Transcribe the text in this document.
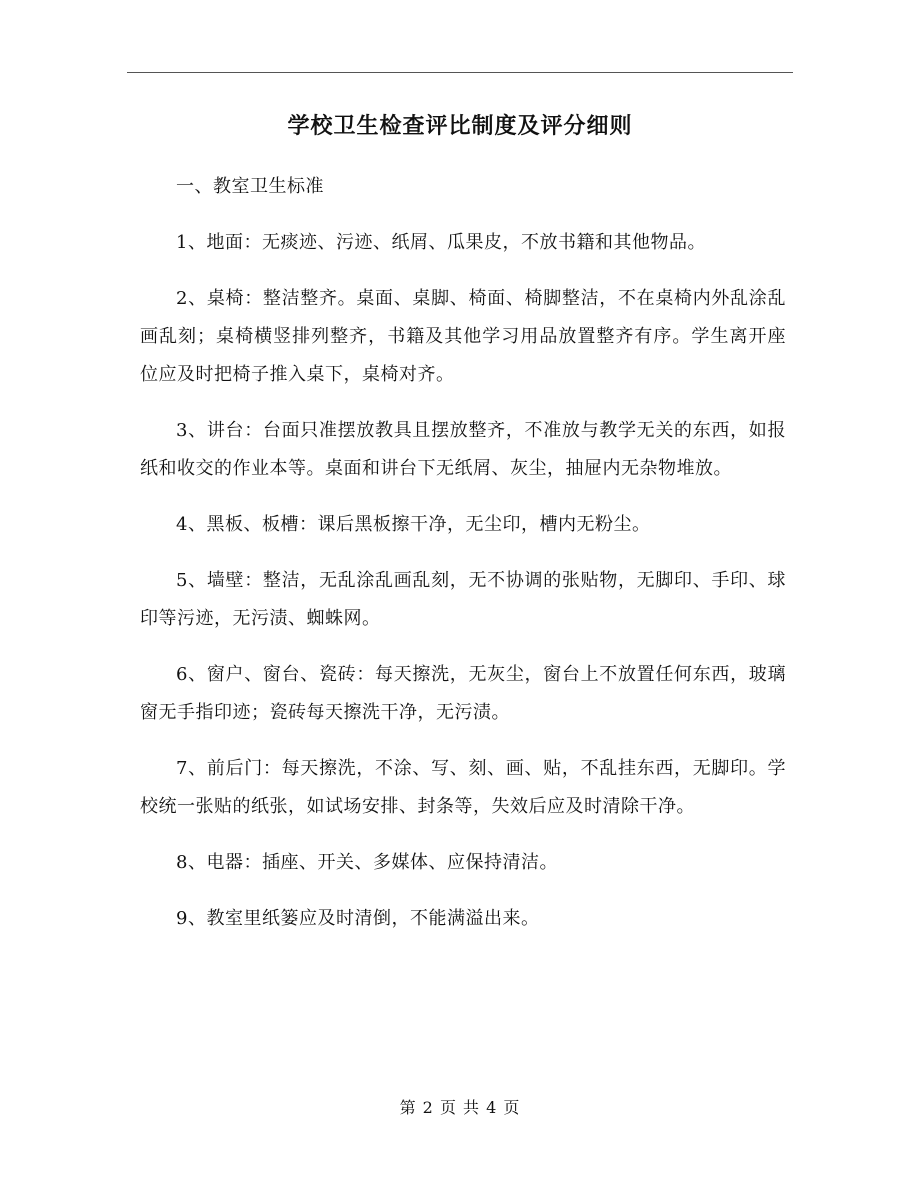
学校卫生检查评比制度及评分细则

一、教室卫生标准

1、地面：无痰迹、污迹、纸屑、瓜果皮，不放书籍和其他物品。

2、桌椅：整洁整齐。桌面、桌脚、椅面、椅脚整洁，不在桌椅内外乱涂乱画乱刻；桌椅横竖排列整齐，书籍及其他学习用品放置整齐有序。学生离开座位应及时把椅子推入桌下，桌椅对齐。

3、讲台：台面只准摆放教具且摆放整齐，不准放与教学无关的东西，如报纸和收交的作业本等。桌面和讲台下无纸屑、灰尘，抽屉内无杂物堆放。

4、黑板、板槽：课后黑板擦干净，无尘印，槽内无粉尘。

5、墙壁：整洁，无乱涂乱画乱刻，无不协调的张贴物，无脚印、手印、球印等污迹，无污渍、蜘蛛网。

6、窗户、窗台、瓷砖：每天擦洗，无灰尘，窗台上不放置任何东西，玻璃窗无手指印迹；瓷砖每天擦洗干净，无污渍。

7、前后门：每天擦洗，不涂、写、刻、画、贴，不乱挂东西，无脚印。学校统一张贴的纸张，如试场安排、封条等，失效后应及时清除干净。

8、电器：插座、开关、多媒体、应保持清洁。

9、教室里纸篓应及时清倒，不能满溢出来。

第 2 页 共 4 页
